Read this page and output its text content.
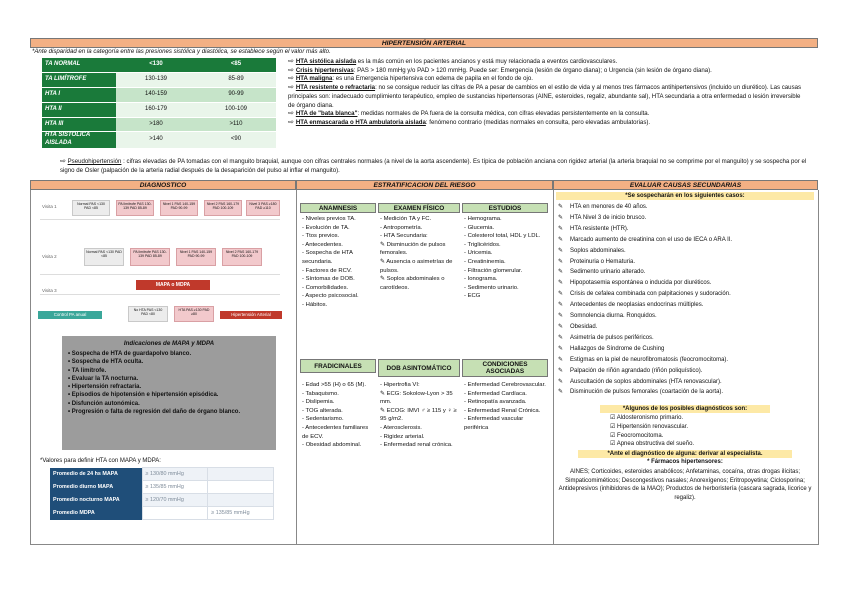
HIPERTENSIÓN ARTERIAL
*Ante disparidad en la categoría entre las presiones sistólica y diastólica, se establece según el valor más alto.
TA NORMAL	<130	<85
TA LIMÍTROFE	130-139	85-89
HTA I	140-159	90-99
HTA II	160-179	100-109
HTA III	>180	>110
HTA SISTOLICA AISLADA	>140	<90
⇨ HTA sistólica aislada es la más común en los pacientes ancianos y está muy relacionada a eventos cardiovasculares.
⇨ Crisis hipertensivas: PAS > 180 mmHg y/o PAD > 120 mmHg. Puede ser: Emergencia (lesión de órgano diana); o Urgencia (sin lesión de órgano diana).
⇨ HTA maligna: es una Emergencia hipertensiva con edema de papila en el fondo de ojo.
⇨ HTA resistente o refractaria: no se consigue reducir las cifras de PA a pesar de cambios en el estilo de vida y al menos tres fármacos antihipertensivos (incluido un diurético). Las causas principales son: inadecuado cumplimiento terapéutico, empleo de sustancias hipertensoras (AINE, esteroides, regaliz, abundante sal), HTA secundaria a otra enfermedad o lesión irreversible de órgano diana.
⇨ HTA de "bata blanca": medidas normales de PA fuera de la consulta médica, con cifras elevadas persistentemente en la consulta.
⇨ HTA enmascarada o HTA ambulatoria aislada: fenómeno contrario (medidas normales en consulta, pero elevadas ambulatorias).
⇨ Pseudohipertensión : cifras elevadas de PA tomadas con el manguito braquial, aunque con cifras centrales normales (a nivel de la aorta ascendente). Es típica de población anciana con rigidez arterial (la arteria braquial no se comprime por el manguito) y se sospecha por el signo de Osler (palpación de la arteria radial después de la desaparición del pulso al inflar el manguito).
DIAGNOSTICO	ESTRATIFICACION DEL RIESGO	EVALUAR CAUSAS SECUNDARIAS
Visita 1
Visita 2
Visita 3
Normal PAS <130 PAD <85
PA limítrofe PAS 130-139 PAD 85-89
Nivel 1 PAS 140-159 PAD 90-99
Nivel 2 PAS 160-179 PAD 100-109
Nivel 3 PAS ≥180 PAD ≥110
Normal PAS <130 PAD <85
PA limítrofe PAS 130-139 PAD 85-89
Nivel 1 PAS 140-159 PAD 90-99
Nivel 2 PAS 160-179 PAD 100-109
MAPA o MDPA
Control PA anual
No HTA PAS <130 PAD <80
HTA PAS ≥130 PAD ≥80	Hipertensión Arterial
Indicaciones de MAPA y MDPA
• Sospecha de HTA de guardapolvo blanco.
• Sospecha de HTA oculta.
• TA limítrofe.
• Evaluar la TA nocturna.
• Hipertensión refractaria.
• Episodios de hipotensión e hipertensión episódica.
• Disfunción autonómica.
• Progresión o falta de regresión del daño de órgano blanco.
*Valores para definir HTA con MAPA y MDPA:
Promedio de 24 hs MAPA	≥ 130/80 mmHg	
Promedio diurno MAPA	≥ 135/85 mmHg	
Promedio nocturno MAPA	≥ 120/70 mmHg	
Promedio MDPA		≥ 135/85 mmHg
ANAMNESIS	EXAMEN FÍSICO	ESTUDIOS
- Niveles previos TA.
- Evolución de TA.
- Ttos previos.
- Antecedentes.
- Sospecha de HTA secundaria.
- Factores de RCV.
- Síntomas de DOB.
- Comorbilidades.
- Aspecto psicosocial.
- Hábitos.
- Medición TA y FC.
- Antropometría.
- HTA Secundaria:
✎ Disminución de pulsos femorales.
✎ Ausencia o asimetrías de pulsos.
✎ Soplos abdominales o carotídeos.
- Hemograma.
- Glucemia.
- Colesterol total, HDL y LDL.
- Triglicéridos.
- Uricemia.
- Creatininemia.
- Filtración glomerular.
- Ionograma.
- Sedimento urinario.
- ECG
FRADICINALES	DOB ASINTOMÁTICO	CONDICIONES ASOCIADAS
- Edad >55 (H) o 65 (M).
- Tabaquismo.
- Dislipemia.
- TOG alterada.
- Sedentarismo.
- Antecedentes familiares de ECV.
- Obesidad abdominal.
- Hipertrofia VI:
✎ ECG: Sokolow-Lyon > 35 mm.
✎ ECOG: IMVI ♂ ≥ 115 y ♀ ≥ 95 g/m2.
- Aterosclerosis.
- Rigidez arterial.
- Enfermedad renal crónica.
- Enfermedad Cerebrovascular.
- Enfermedad Cardíaca.
- Retinopatía avanzada.
- Enfermedad Renal Crónica.
- Enfermedad vascular periférica
*Se sospecharán en los siguientes casos:
✎ HTA en menores de 40 años.
✎ HTA Nivel 3 de inicio brusco.
✎ HTA resistente (HTR).
✎ Marcado aumento de creatinina con el uso de IECA o ARA II.
✎ Soplos abdominales.
✎ Proteinuria o Hematuria.
✎ Sedimento urinario alterado.
✎ Hipopotasemia espontánea o inducida por diuréticos.
✎ Crisis de cefalea combinada con palpitaciones y sudoración.
✎ Antecedentes de neoplasias endocrinas múltiples.
✎ Somnolencia diurna. Ronquidos.
✎ Obesidad.
✎ Asimetría de pulsos periféricos.
✎ Hallazgos de Síndrome de Cushing
✎ Estigmas en la piel de neurofibromatosis (feocromocitoma).
✎ Palpación de riñón agrandado (riñón poliquístico).
✎ Auscultación de soplos abdominales (HTA renovascular).
✎ Disminución de pulsos femorales (coartación de la aorta).
*Algunos de los posibles diagnósticos son:
☑ Aldosteronismo primario.
☑ Hipertensión renovascular.
☑ Feocromocitoma.
☑ Apnea obstructiva del sueño.
*Ante el diagnóstico de alguna: derivar al especialista.
* Fármacos hipertensores:
AINES; Corticoides, esteroides anabólicos; Anfetaminas, cocaína, otras drogas ilícitas; Simpaticomiméticos; Descongestivos nasales; Anorexígenos; Eritropoyetina; Ciclosporina; Antidepresivos (inhibidores de la MAO); Productos de herboristería (cascara sagrada, licorice y regaliz).
